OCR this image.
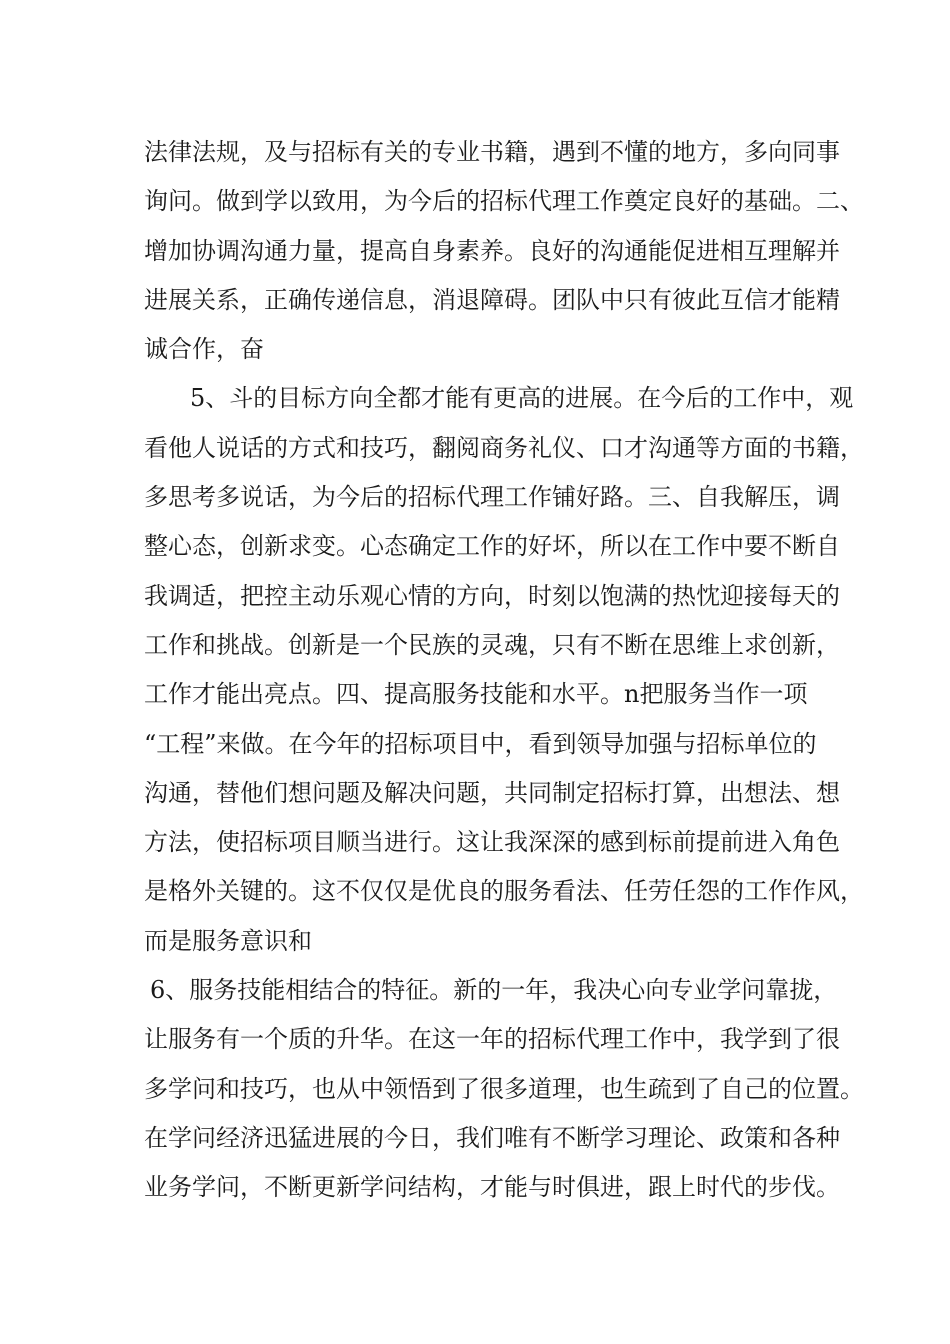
法律法规，及与招标有关的专业书籍，遇到不懂的地方，多向同事
询问。做到学以致用，为今后的招标代理工作奠定良好的基础。二、
增加协调沟通力量，提高自身素养。良好的沟通能促进相互理解并
进展关系，正确传递信息，消退障碍。团队中只有彼此互信才能精
诚合作，奋
5、斗的目标方向全都才能有更高的进展。在今后的工作中，观
看他人说话的方式和技巧，翻阅商务礼仪、口才沟通等方面的书籍，
多思考多说话，为今后的招标代理工作铺好路。三、自我解压，调
整心态，创新求变。心态确定工作的好坏，所以在工作中要不断自
我调适，把控主动乐观心情的方向，时刻以饱满的热忱迎接每天的
工作和挑战。创新是一个民族的灵魂，只有不断在思维上求创新，
工作才能出亮点。四、提高服务技能和水平。n把服务当作一项
“工程”来做。在今年的招标项目中，看到领导加强与招标单位的
沟通，替他们想问题及解决问题，共同制定招标打算，出想法、想
方法，使招标项目顺当进行。这让我深深的感到标前提前进入角色
是格外关键的。这不仅仅是优良的服务看法、任劳任怨的工作作风，
而是服务意识和
6、服务技能相结合的特征。新的一年，我决心向专业学问靠拢，
让服务有一个质的升华。在这一年的招标代理工作中，我学到了很
多学问和技巧，也从中领悟到了很多道理，也生疏到了自己的位置。
在学问经济迅猛进展的今日，我们唯有不断学习理论、政策和各种
业务学问，不断更新学问结构，才能与时俱进，跟上时代的步伐。
